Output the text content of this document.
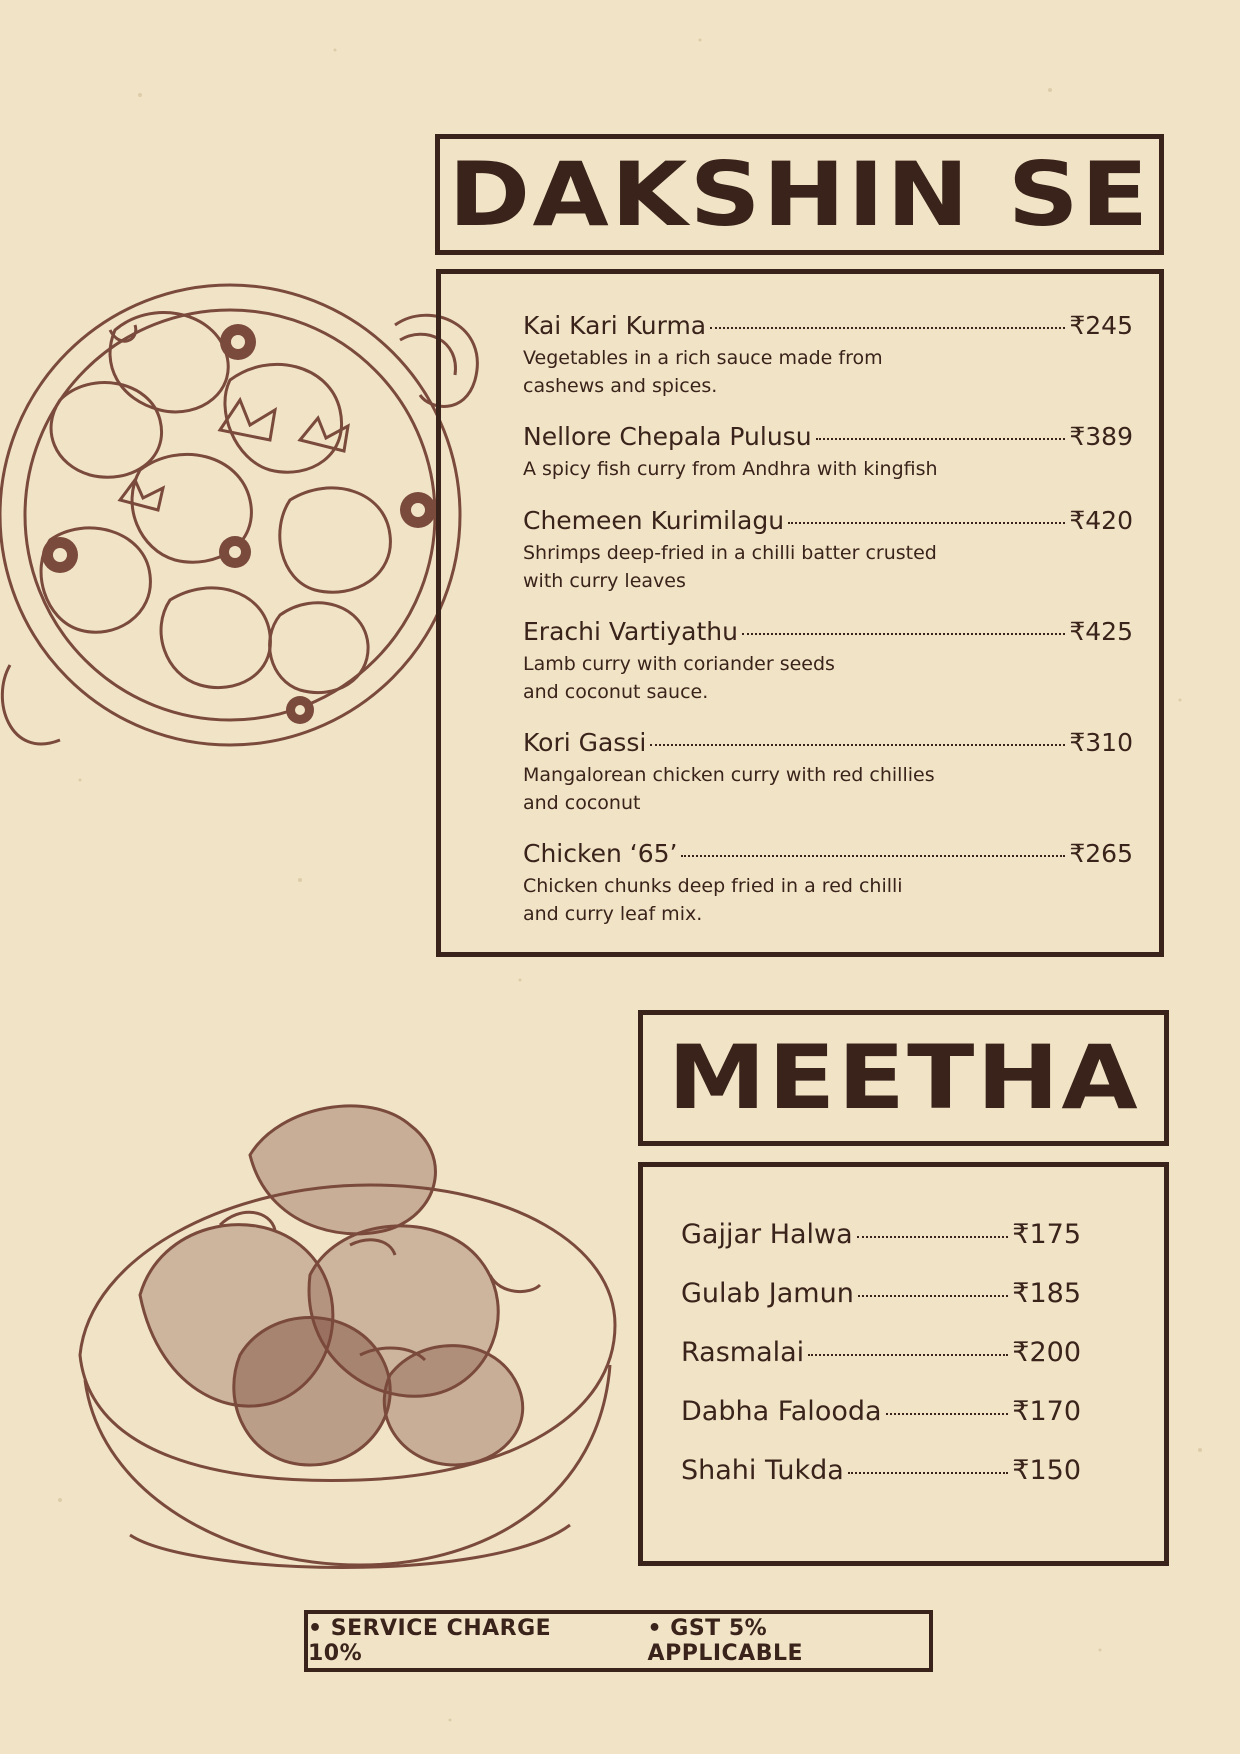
DAKSHIN SE
Kai Kari Kurma	₹245
Vegetables in a rich sauce made from
cashews and spices.
Nellore Chepala Pulusu	₹389
A spicy fish curry from Andhra with kingfish
Chemeen Kurimilagu	₹420
Shrimps deep-fried in a chilli batter crusted
with curry leaves
Erachi Vartiyathu	₹425
Lamb curry with coriander seeds
and coconut sauce.
Kori Gassi	₹310
Mangalorean chicken curry with red chillies
and coconut
Chicken ‘65’	₹265
Chicken chunks deep fried in a red chilli
and curry leaf mix.
MEETHA
Gajjar Halwa	₹175
Gulab Jamun	₹185
Rasmalai	₹200
Dabha Falooda	₹170
Shahi Tukda	₹150
• SERVICE CHARGE 10%
• GST 5% APPLICABLE
